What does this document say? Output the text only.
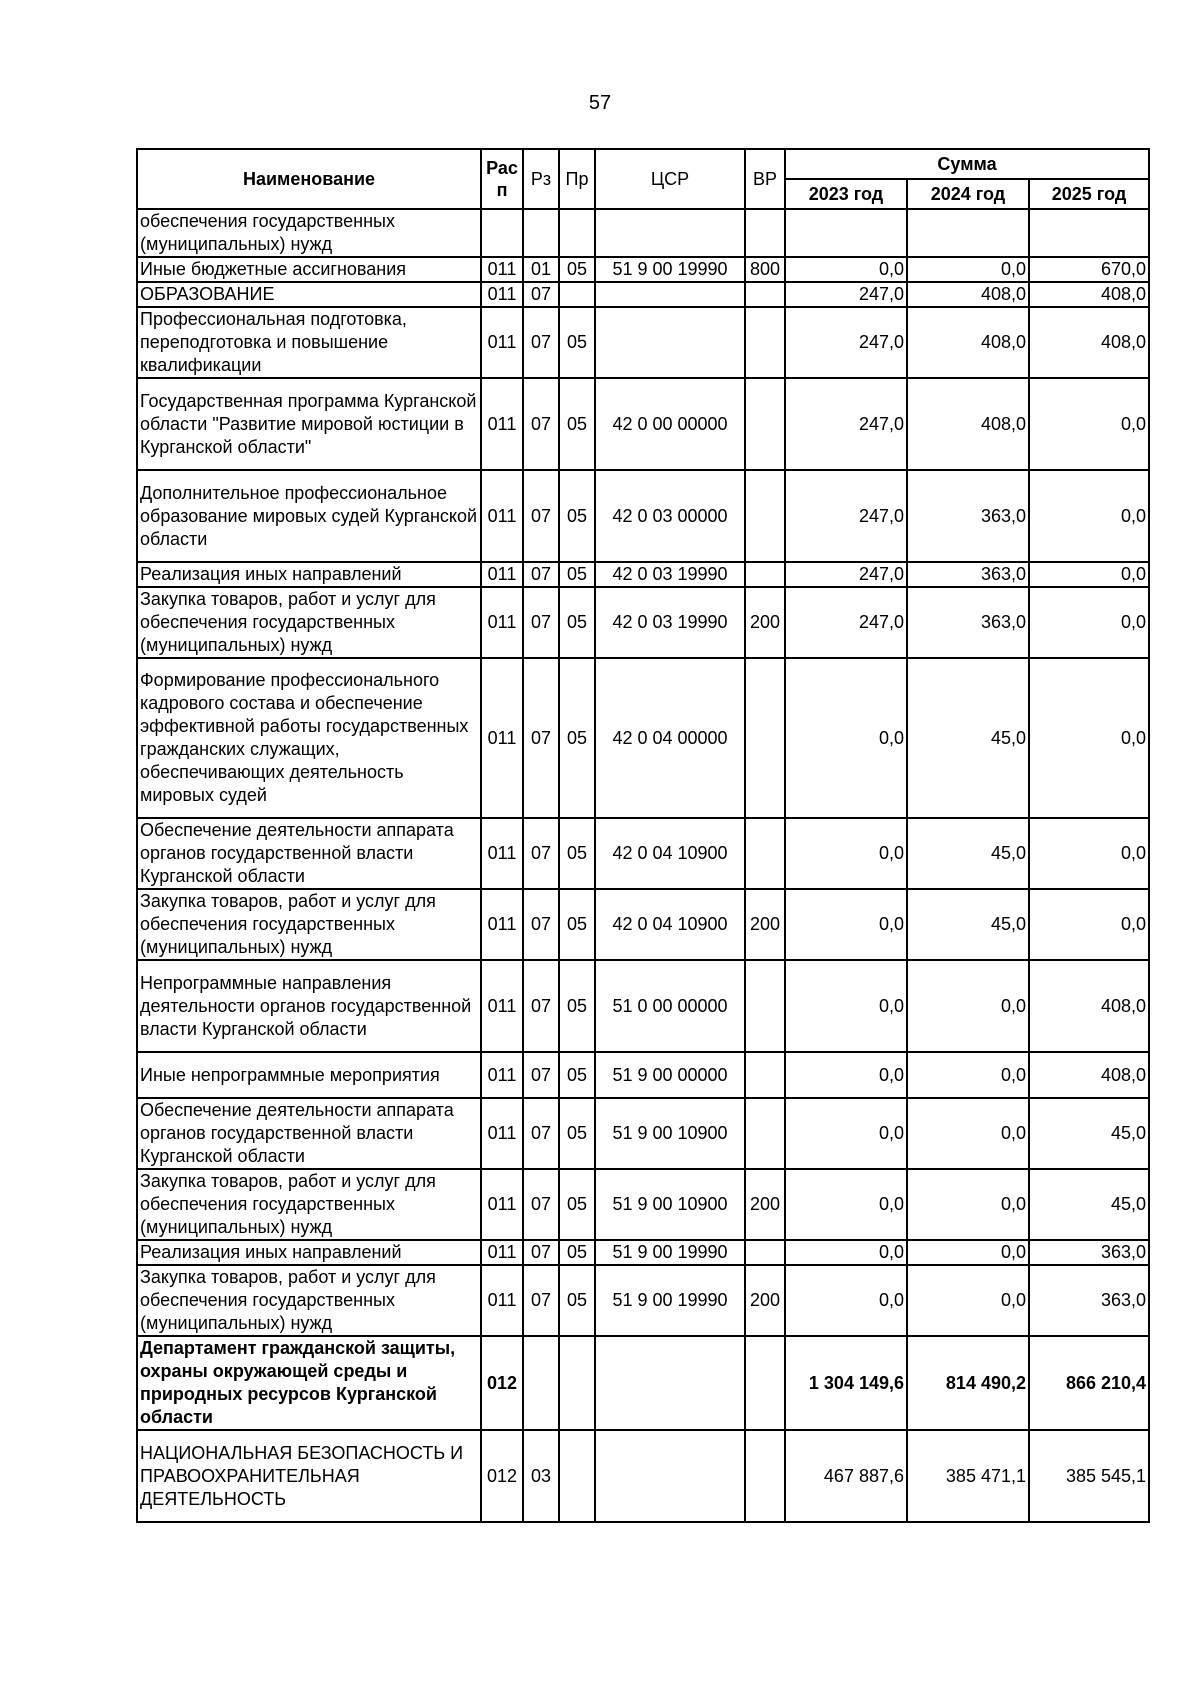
57
Наименование	Рас п	Рз	Пр	ЦСР	ВР	Сумма		
						2023 год	2024 год	2025 год
обеспечения государственных (муниципальных) нужд								
Иные бюджетные ассигнования	011	01	05	51 9 00 19990	800	0,0	0,0	670,0
ОБРАЗОВАНИЕ	011	07				247,0	408,0	408,0
Профессиональная подготовка, переподготовка и повышение квалификации	011	07	05			247,0	408,0	408,0
Государственная программа Курганской области "Развитие мировой юстиции в Курганской области"	011	07	05	42 0 00 00000		247,0	408,0	0,0
Дополнительное профессиональное образование мировых судей Курганской области	011	07	05	42 0 03 00000		247,0	363,0	0,0
Реализация иных направлений	011	07	05	42 0 03 19990		247,0	363,0	0,0
Закупка товаров, работ и услуг для обеспечения государственных (муниципальных) нужд	011	07	05	42 0 03 19990	200	247,0	363,0	0,0
Формирование профессионального кадрового состава и обеспечение эффективной работы государственных гражданских служащих, обеспечивающих деятельность мировых судей	011	07	05	42 0 04 00000		0,0	45,0	0,0
Обеспечение деятельности аппарата органов государственной власти Курганской области	011	07	05	42 0 04 10900		0,0	45,0	0,0
Закупка товаров, работ и услуг для обеспечения государственных (муниципальных) нужд	011	07	05	42 0 04 10900	200	0,0	45,0	0,0
Непрограммные направления деятельности органов государственной власти Курганской области	011	07	05	51 0 00 00000		0,0	0,0	408,0
Иные непрограммные мероприятия	011	07	05	51 9 00 00000		0,0	0,0	408,0
Обеспечение деятельности аппарата органов государственной власти Курганской области	011	07	05	51 9 00 10900		0,0	0,0	45,0
Закупка товаров, работ и услуг для обеспечения государственных (муниципальных) нужд	011	07	05	51 9 00 10900	200	0,0	0,0	45,0
Реализация иных направлений	011	07	05	51 9 00 19990		0,0	0,0	363,0
Закупка товаров, работ и услуг для обеспечения государственных (муниципальных) нужд	011	07	05	51 9 00 19990	200	0,0	0,0	363,0
Департамент гражданской защиты, охраны окружающей среды и природных ресурсов Курганской области	012					1 304 149,6	814 490,2	866 210,4
НАЦИОНАЛЬНАЯ БЕЗОПАСНОСТЬ И ПРАВООХРАНИТЕЛЬНАЯ ДЕЯТЕЛЬНОСТЬ	012	03				467 887,6	385 471,1	385 545,1
